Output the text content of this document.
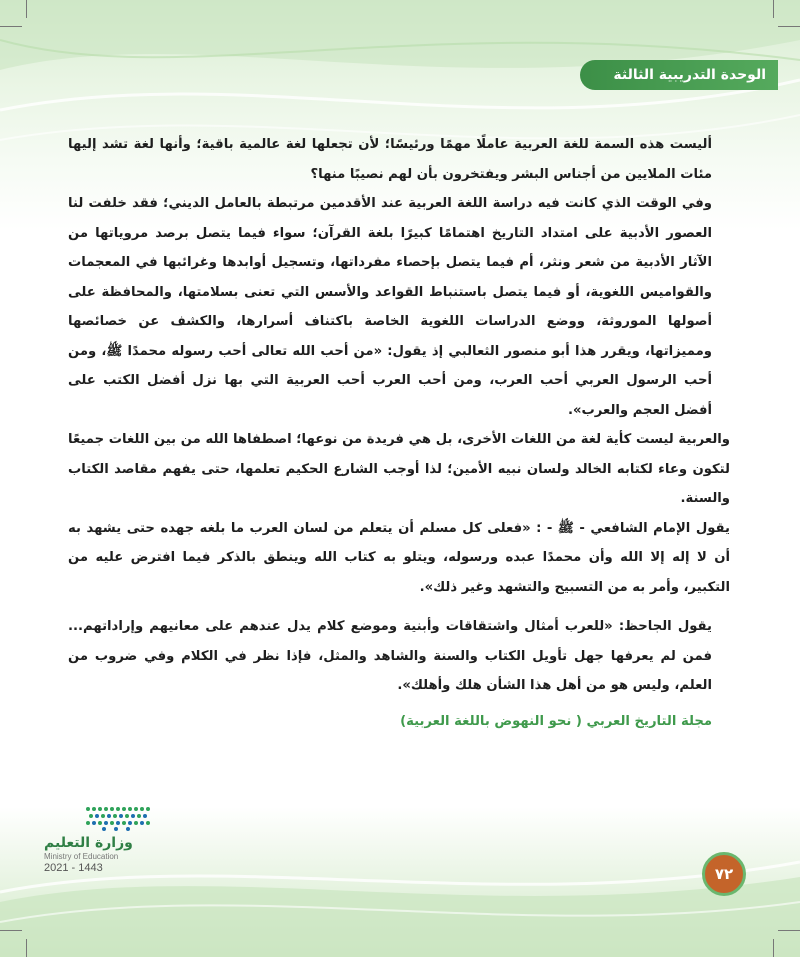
الوحدة التدريبية الثالثة

أليست هذه السمة للغة العربية عاملًا مهمًا ورئيسًا؛ لأن تجعلها لغة عالمية باقية؛ وأنها لغة تشد إليها مئات الملايين من أجناس البشر ويفتخرون بأن لهم نصيبًا منها؟

وفي الوقت الذي كانت فيه دراسة اللغة العربية عند الأقدمين مرتبطة بالعامل الديني؛ فقد خلفت لنا العصور الأدبية على امتداد التاريخ اهتمامًا كبيرًا بلغة القرآن؛ سواء فيما يتصل برصد مروياتها من الآثار الأدبية من شعر ونثر، أم فيما يتصل بإحصاء مفرداتها، وتسجيل أوابدها وغرائبها في المعجمات والقواميس اللغوية، أو فيما يتصل باستنباط القواعد والأسس التي تعنى بسلامتها، والمحافظة على أصولها الموروثة، ووضع الدراسات اللغوية الخاصة باكتناف أسرارها، والكشف عن خصائصها ومميزاتها، ويقرر هذا أبو منصور الثعالبي إذ يقول: «من أحب الله تعالى أحب رسوله محمدًا ﷺ، ومن أحب الرسول العربي أحب العرب، ومن أحب العرب أحب العربية التي بها نزل أفضل الكتب على أفضل العجم والعرب».

والعربية ليست كأية لغة من اللغات الأخرى، بل هي فريدة من نوعها؛ اصطفاها الله من بين اللغات جميعًا لتكون وعاء لكتابه الخالد ولسان نبيه الأمين؛ لذا أوجب الشارع الحكيم تعلمها، حتى يفهم مقاصد الكتاب والسنة.

يقول الإمام الشافعي - ﷺ - : «فعلى كل مسلم أن يتعلم من لسان العرب ما بلغه جهده حتى يشهد به أن لا إله إلا الله وأن محمدًا عبده ورسوله، ويتلو به كتاب الله وينطق بالذكر فيما افترض عليه من التكبير، وأمر به من التسبيح والتشهد وغير ذلك».

يقول الجاحظ: «للعرب أمثال واشتقاقات وأبنية وموضع كلام يدل عندهم على معانيهم وإراداتهم... فمن لم يعرفها جهل تأويل الكتاب والسنة والشاهد والمثل، فإذا نظر في الكلام وفي ضروب من العلم، وليس هو من أهل هذا الشأن هلك وأهلك».

مجلة التاريخ العربي ( نحو النهوض باللغة العربية)
وزارة التعليم
Ministry of Education
2021 - 1443	٧٢
